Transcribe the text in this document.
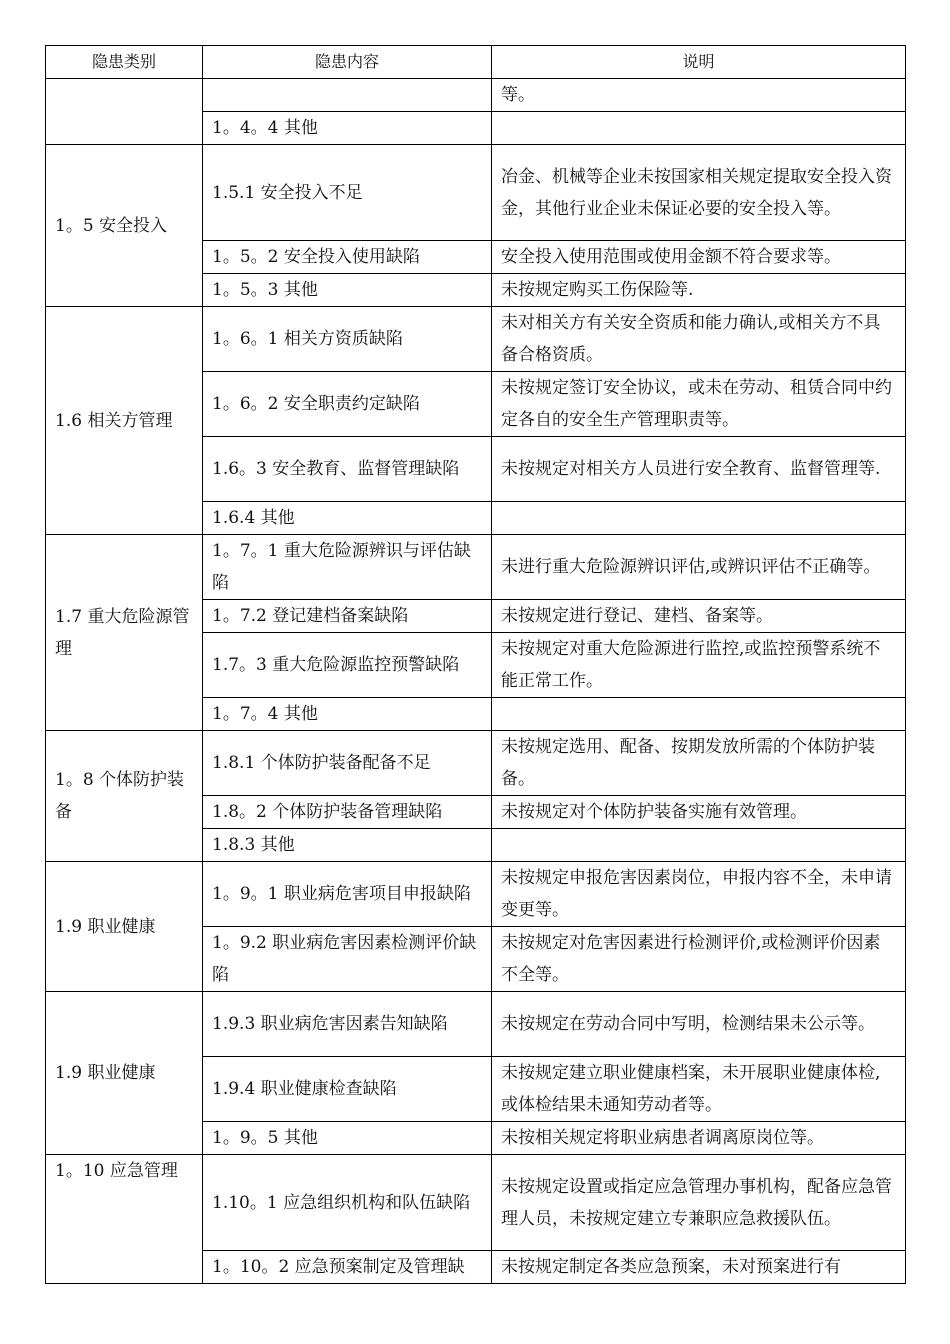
隐患类别	隐患内容	说明
		等。
	1。4。4 其他	
1。5 安全投入	1.5.1 安全投入不足	冶金、机械等企业未按国家相关规定提取安全投入资金，其他行业企业未保证必要的安全投入等。
	1。5。2 安全投入使用缺陷	安全投入使用范围或使用金额不符合要求等。
	1。5。3 其他	未按规定购买工伤保险等.
1.6 相关方管理	1。6。1 相关方资质缺陷	未对相关方有关安全资质和能力确认,或相关方不具备合格资质。
	1。6。2 安全职责约定缺陷	未按规定签订安全协议，或未在劳动、租赁合同中约定各自的安全生产管理职责等。
	1.6。3 安全教育、监督管理缺陷	未按规定对相关方人员进行安全教育、监督管理等.
	1.6.4 其他	
1.7 重大危险源管理	1。7。1 重大危险源辨识与评估缺陷	未进行重大危险源辨识评估,或辨识评估不正确等。
	1。7.2 登记建档备案缺陷	未按规定进行登记、建档、备案等。
	1.7。3 重大危险源监控预警缺陷	未按规定对重大危险源进行监控,或监控预警系统不能正常工作。
	1。7。4 其他	
1。8 个体防护装备	1.8.1 个体防护装备配备不足	未按规定选用、配备、按期发放所需的个体防护装备。
	1.8。2 个体防护装备管理缺陷	未按规定对个体防护装备实施有效管理。
	1.8.3 其他	
1.9 职业健康	1。9。1 职业病危害项目申报缺陷	未按规定申报危害因素岗位，申报内容不全，未申请变更等。
	1。9.2 职业病危害因素检测评价缺陷	未按规定对危害因素进行检测评价,或检测评价因素不全等。
1.9 职业健康	1.9.3 职业病危害因素告知缺陷	未按规定在劳动合同中写明，检测结果未公示等。
	1.9.4 职业健康检查缺陷	未按规定建立职业健康档案，未开展职业健康体检,或体检结果未通知劳动者等。
	1。9。5 其他	未按相关规定将职业病患者调离原岗位等。
1。10 应急管理	1.10。1 应急组织机构和队伍缺陷	未按规定设置或指定应急管理办事机构，配备应急管理人员，未按规定建立专兼职应急救援队伍。
	1。10。2 应急预案制定及管理缺	未按规定制定各类应急预案，未对预案进行有
